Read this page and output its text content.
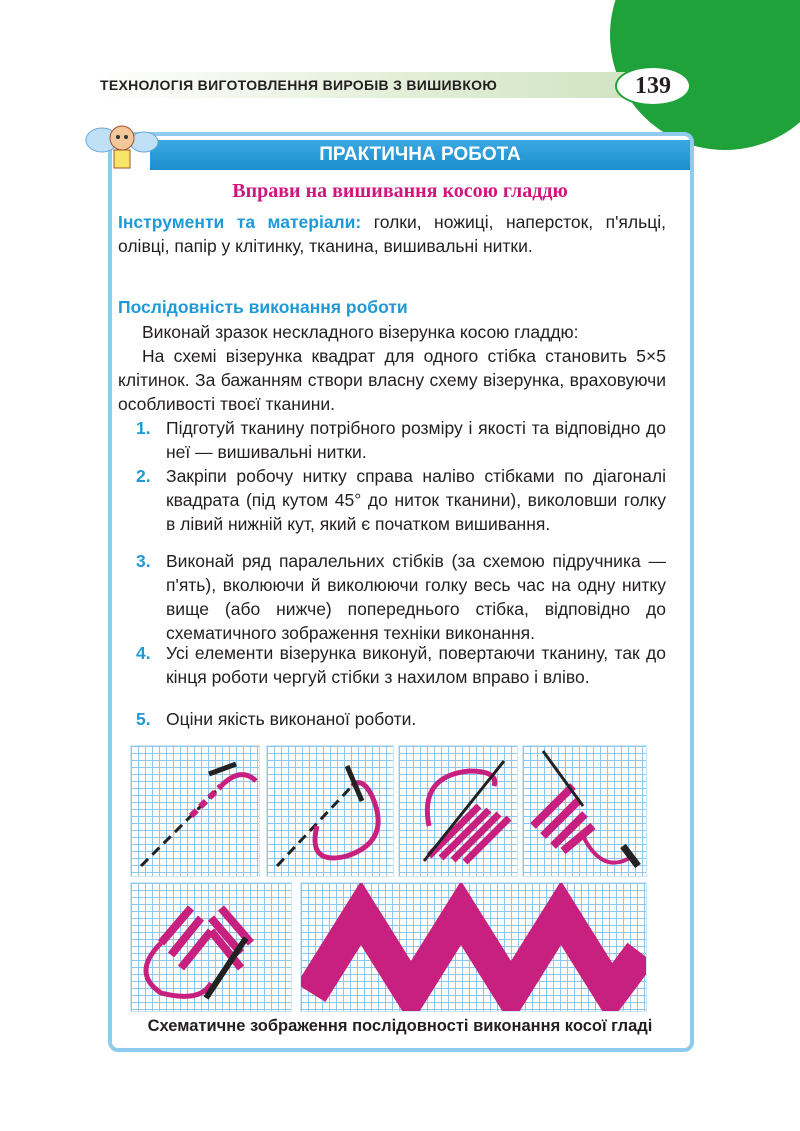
ТЕХНОЛОГІЯ ВИГОТОВЛЕННЯ ВИРОБІВ З ВИШИВКОЮ	139
ПРАКТИЧНА РОБОТА
Вправи на вишивання косою гладдю
Інструменти та матеріали: голки, ножиці, наперсток, п'яльці, олівці, папір у клітинку, тканина, вишивальні нитки.
Послідовність виконання роботи
Виконай зразок нескладного візерунка косою гладдю:
На схемі візерунка квадрат для одного стібка становить 5×5 клітинок. За бажанням створи власну схему візерунка, враховуючи особливості твоєї тканини.
1. Підготуй тканину потрібного розміру і якості та відповідно до неї — вишивальні нитки.
2. Закріпи робочу нитку справа наліво стібками по діагоналі квадрата (під кутом 45° до ниток тканини), виколовши голку в лівий нижній кут, який є початком вишивання.
3. Виконай ряд паралельних стібків (за схемою підручника — п'ять), вколюючи й виколюючи голку весь час на одну нитку вище (або нижче) попереднього стібка, відповідно до схематичного зображення техніки виконання.
4. Усі елементи візерунка виконуй, повертаючи тканину, так до кінця роботи чергуй стібки з нахилом вправо і вліво.
5. Оціни якість виконаної роботи.
Схематичне зображення послідовності виконання косої гладі
